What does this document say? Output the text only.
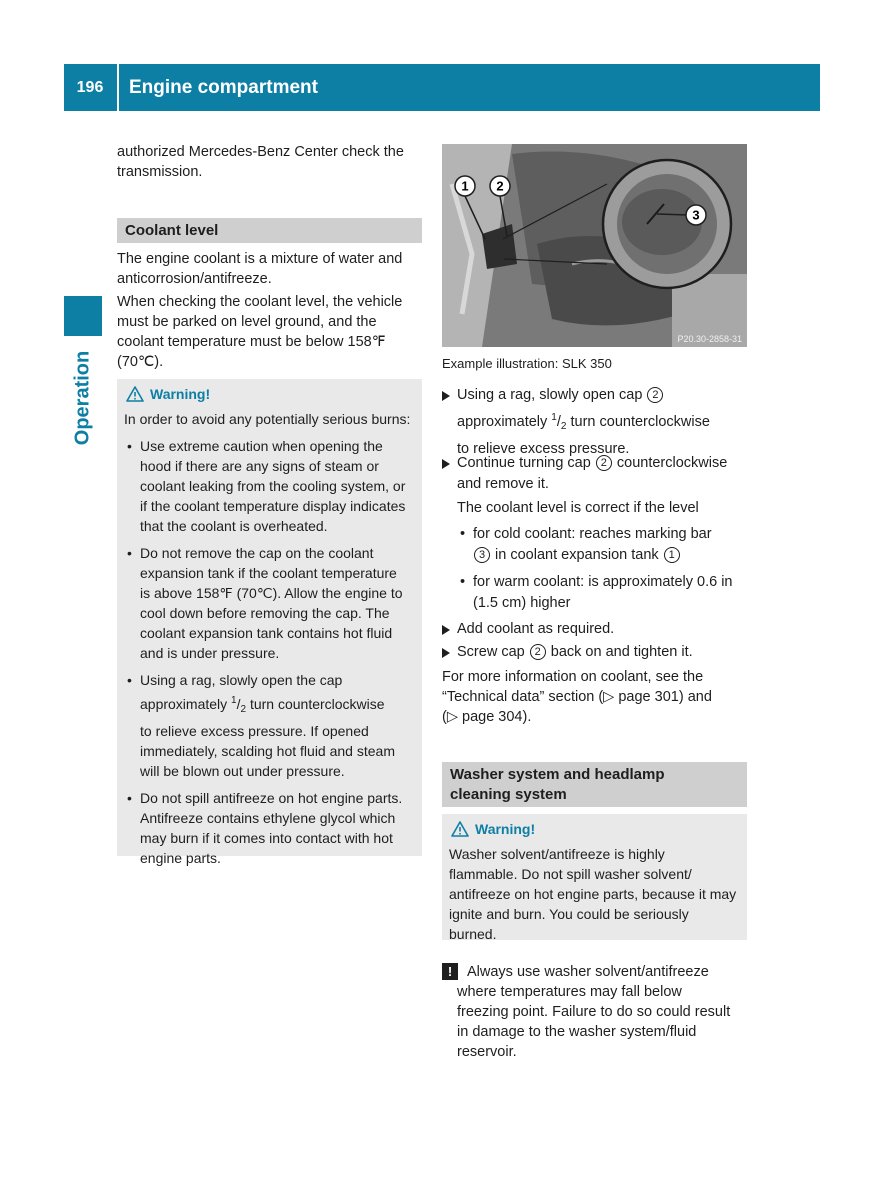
196	Engine compartment
Operation

authorized Mercedes-Benz Center check the
transmission.

Coolant level

The engine coolant is a mixture of water and
anticorrosion/antifreeze.

When checking the coolant level, the vehicle
must be parked on level ground, and the
coolant temperature must be below 158℉
(70℃).

Warning!
In order to avoid any potentially serious burns:
• Use extreme caution when opening the
hood if there are any signs of steam or
coolant leaking from the cooling system, or
if the coolant temperature display indicates
that the coolant is overheated.
• Do not remove the cap on the coolant
expansion tank if the coolant temperature
is above 158℉ (70℃). Allow the engine to
cool down before removing the cap. The
coolant expansion tank contains hot fluid
and is under pressure.
• Using a rag, slowly open the cap
approximately $^1/_2$ turn counterclockwise
to relieve excess pressure. If opened
immediately, scalding hot fluid and steam
will be blown out under pressure.
• Do not spill antifreeze on hot engine parts.
Antifreeze contains ethylene glycol which
may burn if it comes into contact with hot
engine parts.
1 2
3
P20.30-2858-31
Example illustration: SLK 350
Using a rag, slowly open cap 2
approximately $^1/_2$ turn counterclockwise
to relieve excess pressure.
Continue turning cap 2 counterclockwise
and remove it.
The coolant level is correct if the level
• for cold coolant: reaches marking bar
3 in coolant expansion tank 1
• for warm coolant: is approximately 0.6 in
(1.5 cm) higher
Add coolant as required.
Screw cap 2 back on and tighten it.

For more information on coolant, see the
“Technical data” section (▷ page 301) and
(▷ page 304).

Washer system and headlamp
cleaning system
Warning!
Washer solvent/antifreeze is highly
flammable. Do not spill washer solvent/
antifreeze on hot engine parts, because it may
ignite and burn. You could be seriously
burned.
!	Always use washer solvent/antifreeze

where temperatures may fall below
freezing point. Failure to do so could result
in damage to the washer system/fluid
reservoir.
